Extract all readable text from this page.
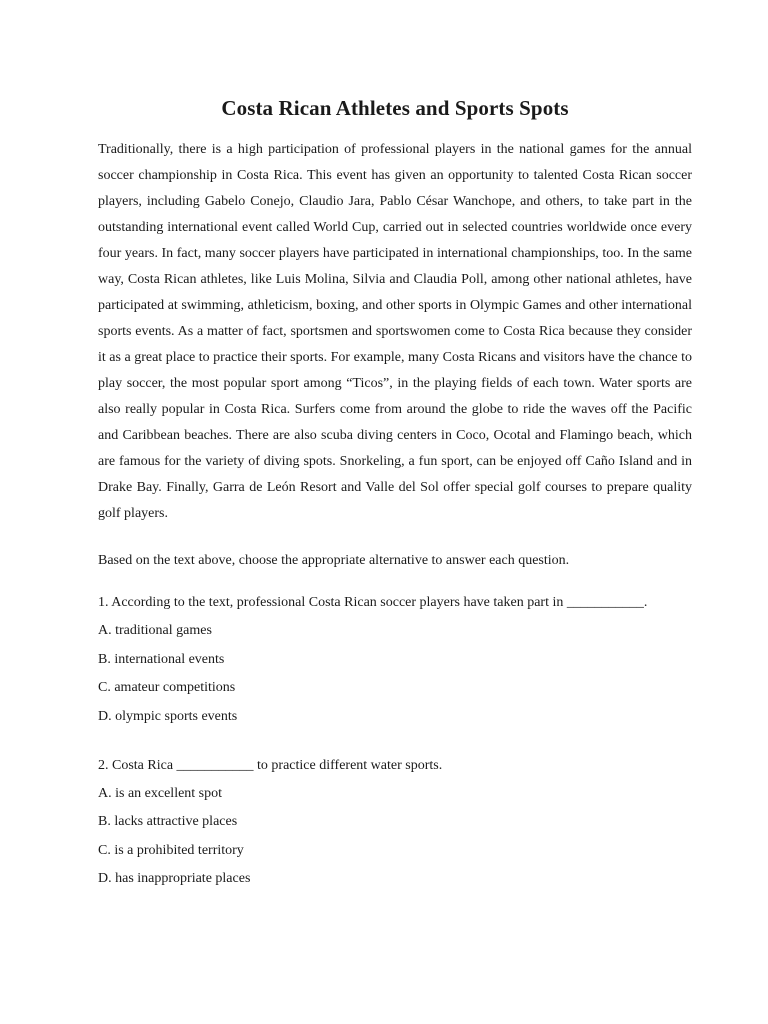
Costa Rican Athletes and Sports Spots

Traditionally, there is a high participation of professional players in the national games for the annual soccer championship in Costa Rica. This event has given an opportunity to talented Costa Rican soccer players, including Gabelo Conejo, Claudio Jara, Pablo César Wanchope, and others, to take part in the outstanding international event called World Cup, carried out in selected countries worldwide once every four years. In fact, many soccer players have participated in international championships, too. In the same way, Costa Rican athletes, like Luis Molina, Silvia and Claudia Poll, among other national athletes, have participated at swimming, athleticism, boxing, and other sports in Olympic Games and other international sports events. As a matter of fact, sportsmen and sportswomen come to Costa Rica because they consider it as a great place to practice their sports. For example, many Costa Ricans and visitors have the chance to play soccer, the most popular sport among “Ticos”, in the playing fields of each town. Water sports are also really popular in Costa Rica. Surfers come from around the globe to ride the waves off the Pacific and Caribbean beaches. There are also scuba diving centers in Coco, Ocotal and Flamingo beach, which are famous for the variety of diving spots. Snorkeling, a fun sport, can be enjoyed off Caño Island and in Drake Bay. Finally, Garra de León Resort and Valle del Sol offer special golf courses to prepare quality golf players.

Based on the text above, choose the appropriate alternative to answer each question.

1. According to the text, professional Costa Rican soccer players have taken part in ___________.

A. traditional games
B. international events
C. amateur competitions
D. olympic sports events

2. Costa Rica ___________ to practice different water sports.

A. is an excellent spot
B. lacks attractive places
C. is a prohibited territory
D. has inappropriate places
